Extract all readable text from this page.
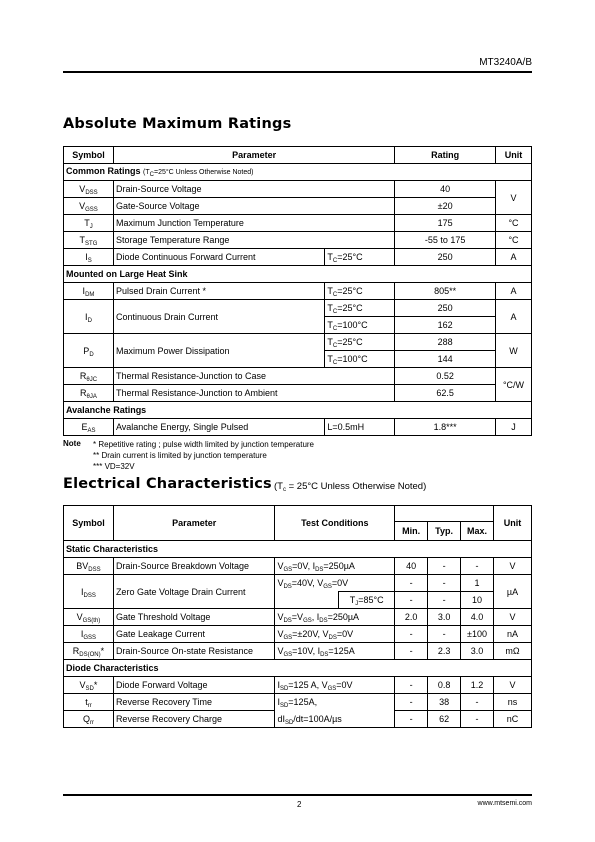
MT3240A/B
Absolute Maximum Ratings
Symbol	Parameter		Rating	Unit
Common Ratings ($T_C=25^\circ C$ Unless Otherwise Noted)				
$V_{DSS}$	Drain-Source Voltage		40	V
$V_{GSS}$	Gate-Source Voltage		±20	
$T_J$	Maximum Junction Temperature		175	°C
$T_{STG}$	Storage Temperature Range		-55 to 175	°C
$I_S$	Diode Continuous Forward Current	$T_C=25^\circ C$	250	A
Mounted on Large Heat Sink				
$I_{DM}$	Pulsed Drain Current *	$T_C=25^\circ C$	805**	A
$I_D$	Continuous Drain Current	$T_C=25^\circ C$	250	A
		$T_C=100^\circ C$	162	
$P_D$	Maximum Power Dissipation	$T_C=25^\circ C$	288	W
		$T_C=100^\circ C$	144	
$R_{\theta JC}$	Thermal Resistance-Junction to Case		0.52	°C/W
$R_{\theta JA}$	Thermal Resistance-Junction to Ambient		62.5	
Avalanche Ratings				
$E_{AS}$	Avalanche Energy, Single Pulsed	L=0.5mH	1.8***	J
Note * Repetitive rating ; pulse width limited by junction temperature
** Drain current is limited by junction temperature
*** VD=32V
Electrical Characteristics ($T_c = 25^\circ C$ Unless Otherwise Noted)
Symbol	Parameter	Test Conditions					Unit
				Min.	Typ.	Max.	
Static Characteristics							
$BV_{DSS}$	Drain-Source Breakdown Voltage	$V_{GS}=0V$, $I_{DS}=250\mu A$		40	-	-	V
$I_{DSS}$	Zero Gate Voltage Drain Current	$V_{DS}=40V$, $V_{GS}=0V$		-	-	1	µA
			$T_J=85^\circ C$	-	-	10	
$V_{GS(th)}$	Gate Threshold Voltage	$V_{DS}=V_{GS}$, $I_{DS}=250\mu A$		2.0	3.0	4.0	V
$I_{GSS}$	Gate Leakage Current	$V_{GS}=\pm 20V$, $V_{DS}=0V$		-	-	±100	nA
$R_{DS(ON)}*$	Drain-Source On-state Resistance	$V_{GS}=10V$, $I_{DS}=125A$		-	2.3	3.0	mΩ
Diode Characteristics							
$V_{SD}*$	Diode Forward Voltage	$I_{SD}=125$ A, $V_{GS}=0V$		-	0.8	1.2	V
$t_{rr}$	Reverse Recovery Time	$I_{SD}=125A$,		-	38	-	ns
$Q_{rr}$	Reverse Recovery Charge	$dI_{SD}/dt=100A/\mu s$		-	62	-	nC
2	www.mtsemi.com
